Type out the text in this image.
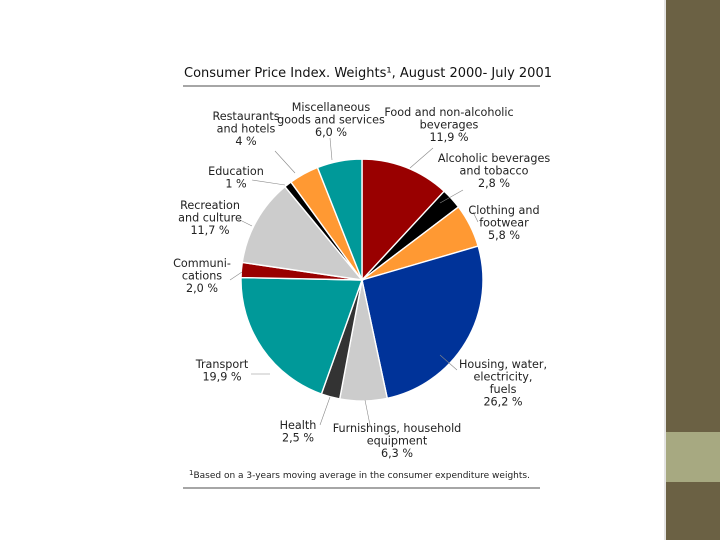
Consumer Price Index. Weights¹, August 2000- July 2001
Food and non-alcoholic beverages 11,9 %
Alcoholic beverages and tobacco 2,8 %
Clothing and footwear 5,8 %
Housing, water, electricity, fuels 26,2 %
Furnishings, household equipment 6,3 %
Health 2,5 %
Transport 19,9 %
Communi-cations 2,0 %
Recreation and culture 11,7 %
Education 1 %
Restaurants and hotels 4 %
Miscellaneous goods and services 6,0 %
$^1$Based on a 3-years moving average in the consumer expenditure weights.
